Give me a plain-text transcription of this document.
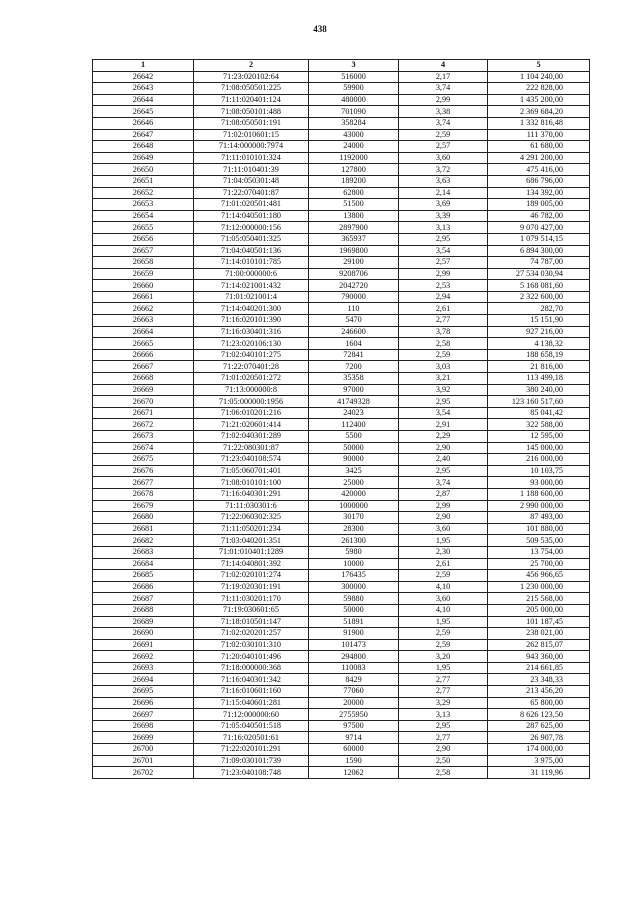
438
1	2	3	4	5
26642	71:23:020102:64	516000	2,17	1 104 240,00
26643	71:08:050501:225	59900	3,74	222 828,00
26644	71:11:020401:124	480000	2,99	1 435 200,00
26645	71:08:050101:488	701090	3,38	2 369 684,20
26646	71:08:050501:191	358284	3,74	1 332 816,48
26647	71:02:010601:15	43000	2,59	111 370,00
26648	71:14:000000:7974	24000	2,57	61 680,00
26649	71:11:010101:324	1192000	3,60	4 291 200,00
26650	71:11:010401:39	127800	3,72	475 416,00
26651	71:04:050301:48	189200	3,63	686 796,00
26652	71:22:070401:87	62800	2,14	134 392,00
26653	71:01:020501:481	51500	3,69	189 005,00
26654	71:14:040501:180	13800	3,39	46 782,00
26655	71:12:000000:156	2897900	3,13	9 070 427,00
26656	71:05:050401:325	365937	2,95	1 079 514,15
26657	71:04:040501:136	1969800	3,54	6 894 300,00
26658	71:14:010101:785	29100	2,57	74 787,00
26659	71:00:000000:6	9208706	2,99	27 534 030,94
26660	71:14:021001:432	2042720	2,53	5 168 081,60
26661	71:01:021001:4	790000	2,94	2 322 600,00
26662	71:14:040201:300	110	2,61	282,70
26663	71:16:020101:390	5470	2,77	15 151,90
26664	71:16:030401:316	246600	3,78	927 216,00
26665	71:23:020106:130	1604	2,58	4 138,32
26666	71:02:040101:275	72841	2,59	188 658,19
26667	71:22:070401:28	7200	3,03	21 816,00
26668	71:01:020501:272	35358	3,21	113 499,18
26669	71:13:000000:8	97000	3,92	380 240,00
26670	71:05:000000:1956	41749328	2,95	123 160 517,60
26671	71:06:010201:216	24023	3,54	85 041,42
26672	71:21:020601:414	112400	2,91	322 588,00
26673	71:02:040301:289	5500	2,29	12 595,00
26674	71:22:080301:87	50000	2,90	145 000,00
26675	71:23:040108:574	90000	2,40	216 000,00
26676	71:05:060701:401	3425	2,95	10 103,75
26677	71:08:010101:100	25000	3,74	93 000,00
26678	71:16:040301:291	420000	2,87	1 188 600,00
26679	71:11:030301:6	1000000	2,99	2 990 000,00
26680	71:22:060302:325	30170	2,90	87 493,00
26681	71:11:050201:234	28300	3,60	101 880,00
26682	71:03:040201:351	261300	1,95	509 535,00
26683	71:01:010401:1289	5980	2,30	13 754,00
26684	71:14:040801:392	10000	2,61	25 700,00
26685	71:02:020101:274	176435	2,59	456 966,65
26686	71:19:020301:191	300000	4,10	1 230 000,00
26687	71:11:030201:170	59880	3,60	215 568,00
26688	71:19:030601:65	50000	4,10	205 000,00
26689	71:18:010501:147	51891	1,95	101 187,45
26690	71:02:020201:257	91900	2,59	238 021,00
26691	71:02:030101:310	101473	2,59	262 815,07
26692	71:20:040101:496	294800	3,20	943 360,00
26693	71:18:000000:368	110083	1,95	214 661,85
26694	71:16:040301:342	8429	2,77	23 348,33
26695	71:16:010601:160	77060	2,77	213 456,20
26696	71:15:040601:281	20000	3,29	65 800,00
26697	71:12:000000:60	2755950	3,13	8 626 123,50
26698	71:05:040501:518	97500	2,95	287 625,00
26699	71:16:020501:61	9714	2,77	26 907,78
26700	71:22:020101:291	60000	2,90	174 000,00
26701	71:09:030101:739	1590	2,50	3 975,00
26702	71:23:040108:748	12062	2,58	31 119,96
